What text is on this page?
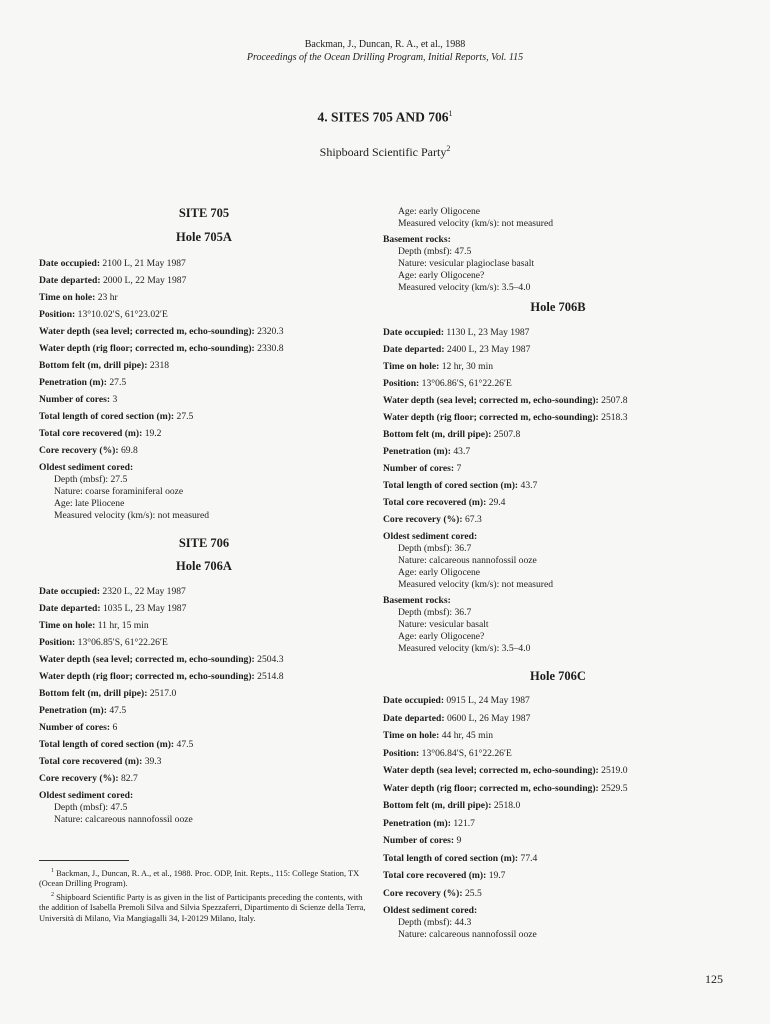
Backman, J., Duncan, R. A., et al., 1988
Proceedings of the Ocean Drilling Program, Initial Reports, Vol. 115
4. SITES 705 AND $706^1$
Shipboard Scientific Party$^2$
SITE 705
Hole 705A
Date occupied: 2100 L, 21 May 1987
Date departed: 2000 L, 22 May 1987
Time on hole: 23 hr
Position: 13°10.02′S, 61°23.02′E
Water depth (sea level; corrected m, echo-sounding): 2320.3
Water depth (rig floor; corrected m, echo-sounding): 2330.8
Bottom felt (m, drill pipe): 2318
Penetration (m): 27.5
Number of cores: 3
Total length of cored section (m): 27.5
Total core recovered (m): 19.2
Core recovery (%): 69.8
Oldest sediment cored:
Depth (mbsf): 27.5
Nature: coarse foraminiferal ooze
Age: late Pliocene
Measured velocity (km/s): not measured
SITE 706
Hole 706A
Date occupied: 2320 L, 22 May 1987
Date departed: 1035 L, 23 May 1987
Time on hole: 11 hr, 15 min
Position: 13°06.85′S, 61°22.26′E
Water depth (sea level; corrected m, echo-sounding): 2504.3
Water depth (rig floor; corrected m, echo-sounding): 2514.8
Bottom felt (m, drill pipe): 2517.0
Penetration (m): 47.5
Number of cores: 6
Total length of cored section (m): 47.5
Total core recovered (m): 39.3
Core recovery (%): 82.7
Oldest sediment cored:
Depth (mbsf): 47.5
Nature: calcareous nannofossil ooze

$^1$ Backman, J., Duncan, R. A., et al., 1988. Proc. ODP, Init. Repts., 115: College Station, TX (Ocean Drilling Program).

$^2$ Shipboard Scientific Party is as given in the list of Participants preceding the contents, with the addition of Isabella Premoli Silva and Silvia Spezzaferri, Dipartimento di Scienze della Terra, Università di Milano, Via Mangiagalli 34, I-20129 Milano, Italy.

Age: early Oligocene
Measured velocity (km/s): not measured
Basement rocks:
Depth (mbsf): 47.5
Nature: vesicular plagioclase basalt
Age: early Oligocene?
Measured velocity (km/s): 3.5–4.0
Hole 706B
Date occupied: 1130 L, 23 May 1987
Date departed: 2400 L, 23 May 1987
Time on hole: 12 hr, 30 min
Position: 13°06.86′S, 61°22.26′E
Water depth (sea level; corrected m, echo-sounding): 2507.8
Water depth (rig floor; corrected m, echo-sounding): 2518.3
Bottom felt (m, drill pipe): 2507.8
Penetration (m): 43.7
Number of cores: 7
Total length of cored section (m): 43.7
Total core recovered (m): 29.4
Core recovery (%): 67.3
Oldest sediment cored:
Depth (mbsf): 36.7
Nature: calcareous nannofossil ooze
Age: early Oligocene
Measured velocity (km/s): not measured
Basement rocks:
Depth (mbsf): 36.7
Nature: vesicular basalt
Age: early Oligocene?
Measured velocity (km/s): 3.5–4.0
Hole 706C
Date occupied: 0915 L, 24 May 1987
Date departed: 0600 L, 26 May 1987
Time on hole: 44 hr, 45 min
Position: 13°06.84′S, 61°22.26′E
Water depth (sea level; corrected m, echo-sounding): 2519.0
Water depth (rig floor; corrected m, echo-sounding): 2529.5
Bottom felt (m, drill pipe): 2518.0
Penetration (m): 121.7
Number of cores: 9
Total length of cored section (m): 77.4
Total core recovered (m): 19.7
Core recovery (%): 25.5
Oldest sediment cored:
Depth (mbsf): 44.3
Nature: calcareous nannofossil ooze
125
